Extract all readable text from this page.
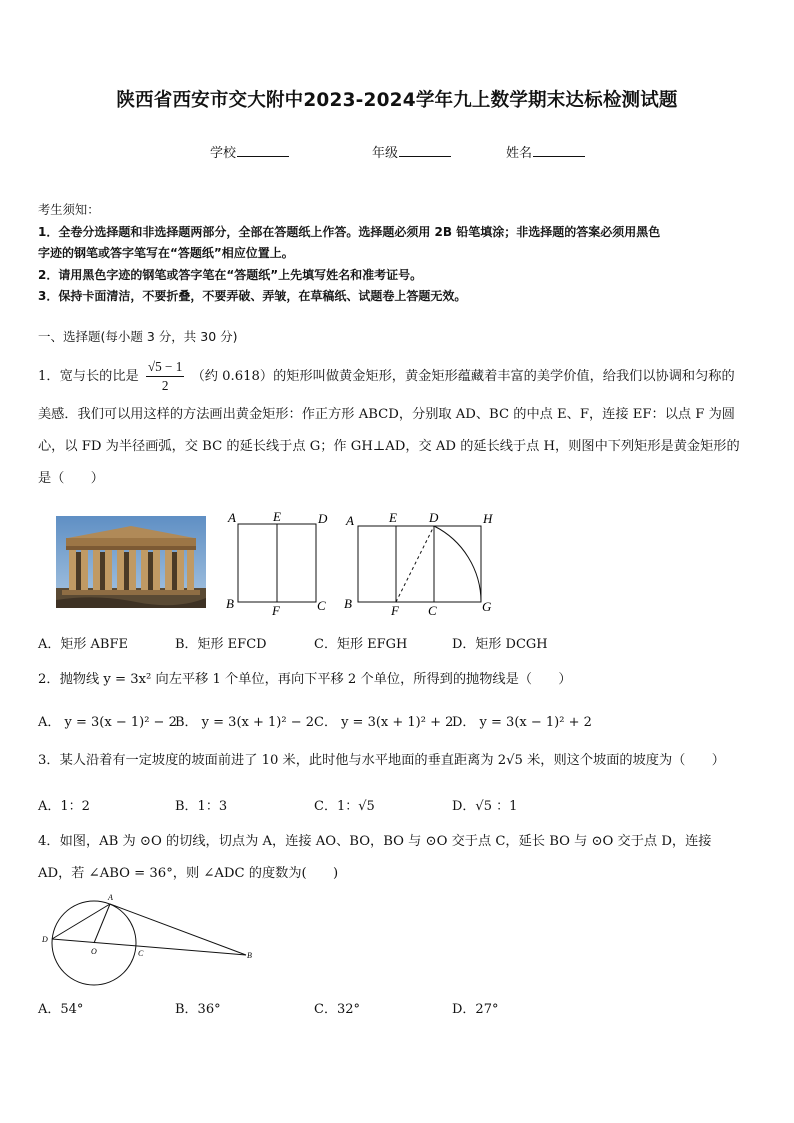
陕西省西安市交大附中2023-2024学年九上数学期末达标检测试题
学校	年级	姓名
考生须知：
1．全卷分选择题和非选择题两部分，全部在答题纸上作答。选择题必须用 2B 铅笔填涂；非选择题的答案必须用黑色
字迹的钢笔或答字笔写在“答题纸”相应位置上。
2．请用黑色字迹的钢笔或答字笔在“答题纸”上先填写姓名和准考证号。
3．保持卡面清洁，不要折叠，不要弄破、弄皱，在草稿纸、试题卷上答题无效。
一、选择题(每小题 3 分，共 30 分)
1．宽与长的比是 $\frac{√5 - 1}{2}$ （约 0.618）的矩形叫做黄金矩形，黄金矩形蕴藏着丰富的美学价值，给我们以协调和匀称的
美感．我们可以用这样的方法画出黄金矩形：作正方形 ABCD，分别取 AD、BC 的中点 E、F，连接 EF：以点 F 为圆
心，以 FD 为半径画弧，交 BC 的延长线于点 G；作 GH⊥AD，交 AD 的延长线于点 H，则图中下列矩形是黄金矩形的
是（　　）
A	E	D
B	F	C
A	E D	H
B	F C	G
A．矩形 ABFE	B．矩形 EFCD	C．矩形 EFGH	D．矩形 DCGH
2．抛物线 y = 3x² 向左平移 1 个单位，再向下平移 2 个单位，所得到的抛物线是（　　）
A． y = 3(x − 1)² − 2
B． y = 3(x + 1)² − 2 C． y = 3(x + 1)² + 2
D． y = 3(x − 1)² + 2
3．某人沿着有一定坡度的坡面前进了 10 米，此时他与水平地面的垂直距离为 2√5 米，则这个坡面的坡度为（　　）
A．1：2	B．1：3	C．1：√5	D．√5 ：1
4．如图，AB 为 ⊙O 的切线，切点为 A，连接 AO、BO，BO 与 ⊙O 交于点 C，延长 BO 与 ⊙O 交于点 D，连接
AD，若 ∠ABO = 36°，则 ∠ADC 的度数为(　　)
A
D
O	C	B
A．54°	B．36°	C．32°	D．27°
